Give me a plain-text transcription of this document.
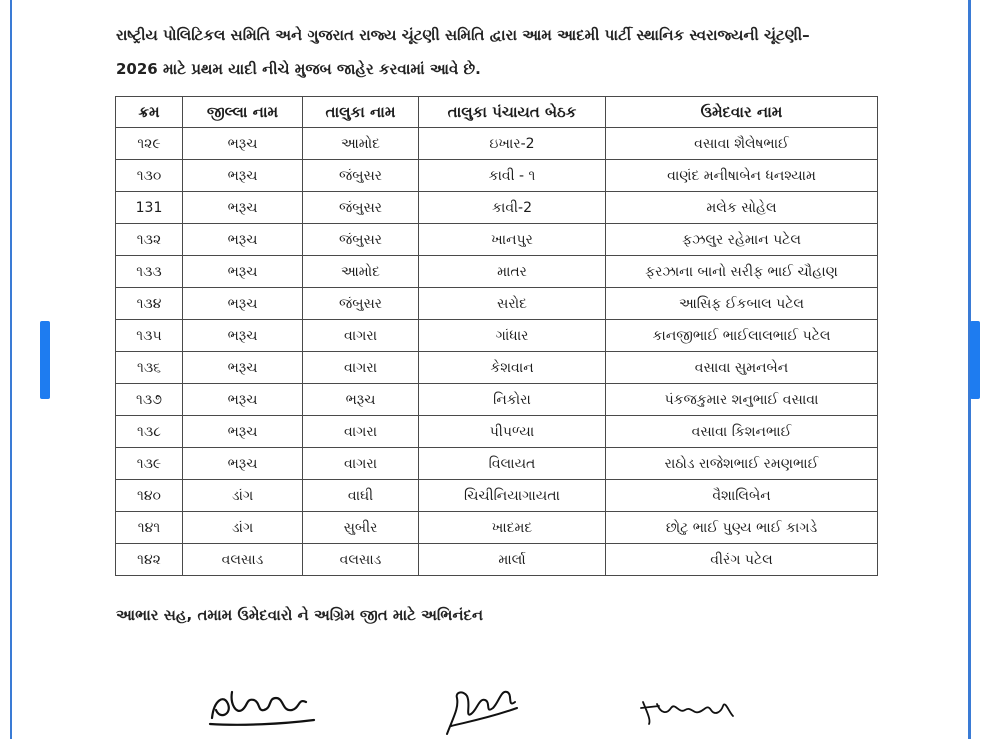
રાષ્ટ્રીય પોલિટિકલ સમિતિ અને ગુજરાત રાજ્ય ચૂંટણી સમિતિ દ્વારા આમ આદમી પાર્ટી સ્થાનિક સ્વરાજ્યની ચૂંટણી–
2026 માટે પ્રથમ યાદી નીચે મુજબ જાહેર કરવામાં આવે છે.
ક્રમ	જીલ્લા નામ	તાલુકા નામ	તાલુકા પંચાયત બેઠક	ઉમેદવાર નામ
૧૨૯	ભરૂચ	આમોદ	ઇખાર-2	વસાવા શૈલેષભાઈ
૧૩૦	ભરૂચ	જંબુસર	કાવી - ૧	વાણંદ મનીષાબેન ધનશ્યામ
131	ભરૂચ	જંબુસર	કાવી-2	મલેક સોહેલ
૧૩૨	ભરૂચ	જંબુસર	ખાનપુર	ફઝલુર રહેમાન પટેલ
૧૩૩	ભરૂચ	આમોદ	માતર	ફરઝાના બાનો સરીફ ભાઈ ચૌહાણ
૧૩૪	ભરૂચ	જંબુસર	સરોદ	આસિફ ઈકબાલ પટેલ
૧૩૫	ભરૂચ	વાગરા	ગાંધાર	કાનજીભાઈ ભાઈલાલભાઈ પટેલ
૧૩૬	ભરૂચ	વાગરા	કેશવાન	વસાવા સુમનબેન
૧૩૭	ભરૂચ	ભરૂચ	નિકોરા	પંકજકુમાર શનુભાઈ વસાવા
૧૩૮	ભરૂચ	વાગરા	પીપળ્યા	વસાવા કિશનભાઈ
૧૩૯	ભરૂચ	વાગરા	વિલાયત	રાઠોડ રાજેશભાઈ રમણભાઈ
૧૪૦	ડાંગ	વાઘી	ચિચીનિયાગાયતા	વૈશાલિબેન
૧૪૧	ડાંગ	સુબીર	ખાદમદ	છોટુ ભાઈ પુણ્ય ભાઈ કાગડે
૧૪૨	વલસાડ	વલસાડ	માર્લા	વીરંગ પટેલ
આભાર સહ, તમામ ઉમેદવારો ને અગ્રિમ જીત માટે અભિનંદન
